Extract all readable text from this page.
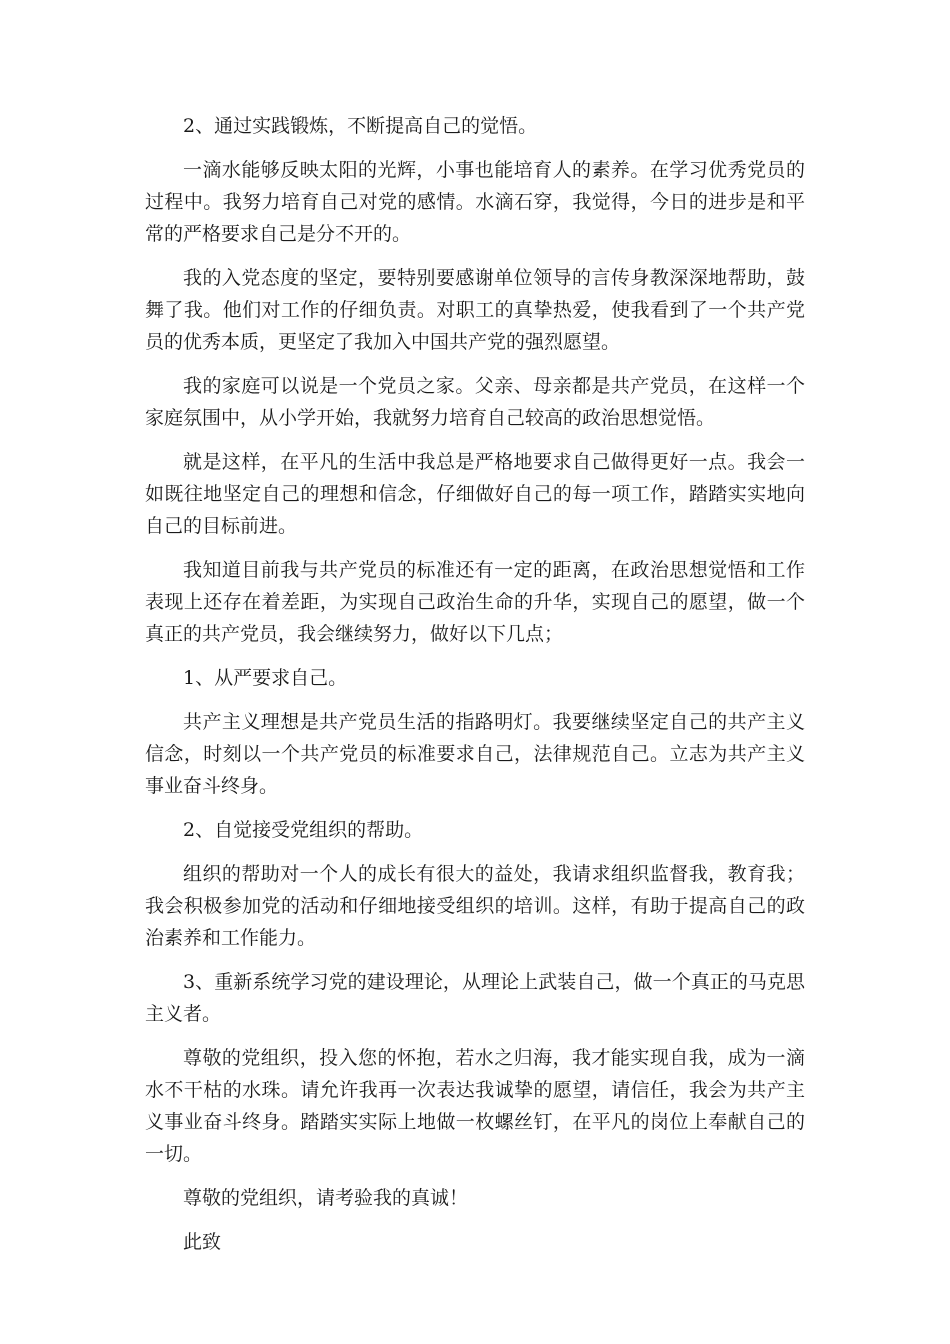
2、通过实践锻炼，不断提高自己的觉悟。

一滴水能够反映太阳的光辉，小事也能培育人的素养。在学习优秀党员的过程中。我努力培育自己对党的感情。水滴石穿，我觉得，今日的进步是和平常的严格要求自己是分不开的。

我的入党态度的坚定，要特别要感谢单位领导的言传身教深深地帮助，鼓舞了我。他们对工作的仔细负责。对职工的真挚热爱，使我看到了一个共产党员的优秀本质，更坚定了我加入中国共产党的强烈愿望。

我的家庭可以说是一个党员之家。父亲、母亲都是共产党员，在这样一个家庭氛围中，从小学开始，我就努力培育自己较高的政治思想觉悟。

就是这样，在平凡的生活中我总是严格地要求自己做得更好一点。我会一如既往地坚定自己的理想和信念，仔细做好自己的每一项工作，踏踏实实地向自己的目标前进。

我知道目前我与共产党员的标准还有一定的距离，在政治思想觉悟和工作表现上还存在着差距，为实现自己政治生命的升华，实现自己的愿望，做一个真正的共产党员，我会继续努力，做好以下几点；

1、从严要求自己。

共产主义理想是共产党员生活的指路明灯。我要继续坚定自己的共产主义信念，时刻以一个共产党员的标准要求自己，法律规范自己。立志为共产主义事业奋斗终身。

2、自觉接受党组织的帮助。

组织的帮助对一个人的成长有很大的益处，我请求组织监督我，教育我；我会积极参加党的活动和仔细地接受组织的培训。这样，有助于提高自己的政治素养和工作能力。

3、重新系统学习党的建设理论，从理论上武装自己，做一个真正的马克思主义者。

尊敬的党组织，投入您的怀抱，若水之归海，我才能实现自我，成为一滴水不干枯的水珠。请允许我再一次表达我诚挚的愿望，请信任，我会为共产主义事业奋斗终身。踏踏实实际上地做一枚螺丝钉，在平凡的岗位上奉献自己的一切。

尊敬的党组织，请考验我的真诚！

此致
